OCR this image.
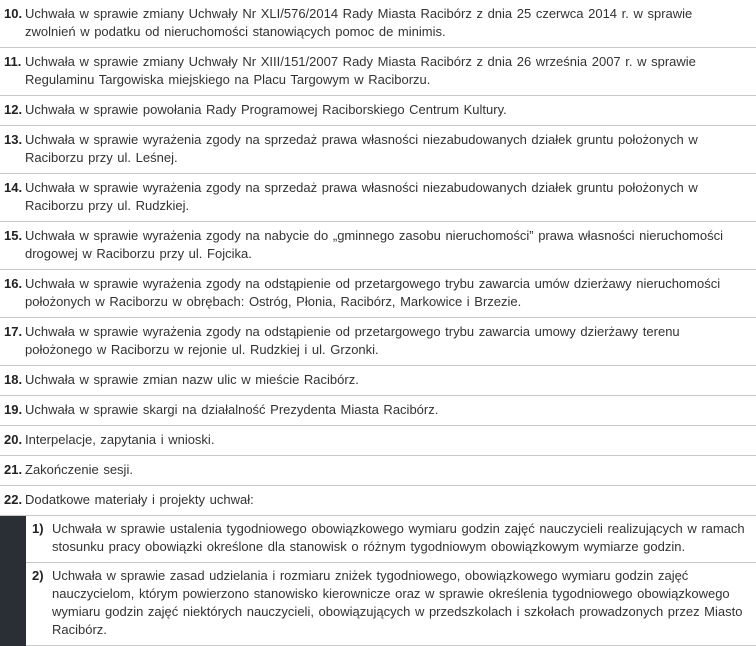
10. Uchwała w sprawie zmiany Uchwały Nr XLI/576/2014 Rady Miasta Racibórz z dnia 25 czerwca 2014 r. w sprawie zwolnień w podatku od nieruchomości stanowiących pomoc de minimis.
11. Uchwała w sprawie zmiany Uchwały Nr XIII/151/2007 Rady Miasta Racibórz z dnia 26 września 2007 r. w sprawie Regulaminu Targowiska miejskiego na Placu Targowym w Raciborzu.
12. Uchwała w sprawie powołania Rady Programowej Raciborskiego Centrum Kultury.
13. Uchwała w sprawie wyrażenia zgody na sprzedaż prawa własności niezabudowanych działek gruntu położonych w Raciborzu przy ul. Leśnej.
14. Uchwała w sprawie wyrażenia zgody na sprzedaż prawa własności niezabudowanych działek gruntu położonych w Raciborzu przy ul. Rudzkiej.
15. Uchwała w sprawie wyrażenia zgody na nabycie do „gminnego zasobu nieruchomości” prawa własności nieruchomości drogowej w Raciborzu przy ul. Fojcika.
16. Uchwała w sprawie wyrażenia zgody na odstąpienie od przetargowego trybu zawarcia umów dzierżawy nieruchomości położonych w Raciborzu w obrębach: Ostróg, Płonia, Racibórz, Markowice i Brzezie.
17. Uchwała w sprawie wyrażenia zgody na odstąpienie od przetargowego trybu zawarcia umowy dzierżawy terenu położonego w Raciborzu w rejonie ul. Rudzkiej i ul. Grzonki.
18. Uchwała w sprawie zmian nazw ulic w mieście Racibórz.
19. Uchwała w sprawie skargi na działalność Prezydenta Miasta Racibórz.
20. Interpelacje, zapytania i wnioski.
21. Zakończenie sesji.
22. Dodatkowe materiały i projekty uchwał:
1) Uchwała w sprawie ustalenia tygodniowego obowiązkowego wymiaru godzin zajęć nauczycieli realizujących w ramach stosunku pracy obowiązki określone dla stanowisk o różnym tygodniowym obowiązkowym wymiarze godzin.
2) Uchwała w sprawie zasad udzielania i rozmiaru zniżek tygodniowego, obowiązkowego wymiaru godzin zajęć nauczycielom, którym powierzono stanowisko kierownicze oraz w sprawie określenia tygodniowego obowiązkowego wymiaru godzin zajęć niektórych nauczycieli, obowiązujących w przedszkolach i szkołach prowadzonych przez Miasto Racibórz.
